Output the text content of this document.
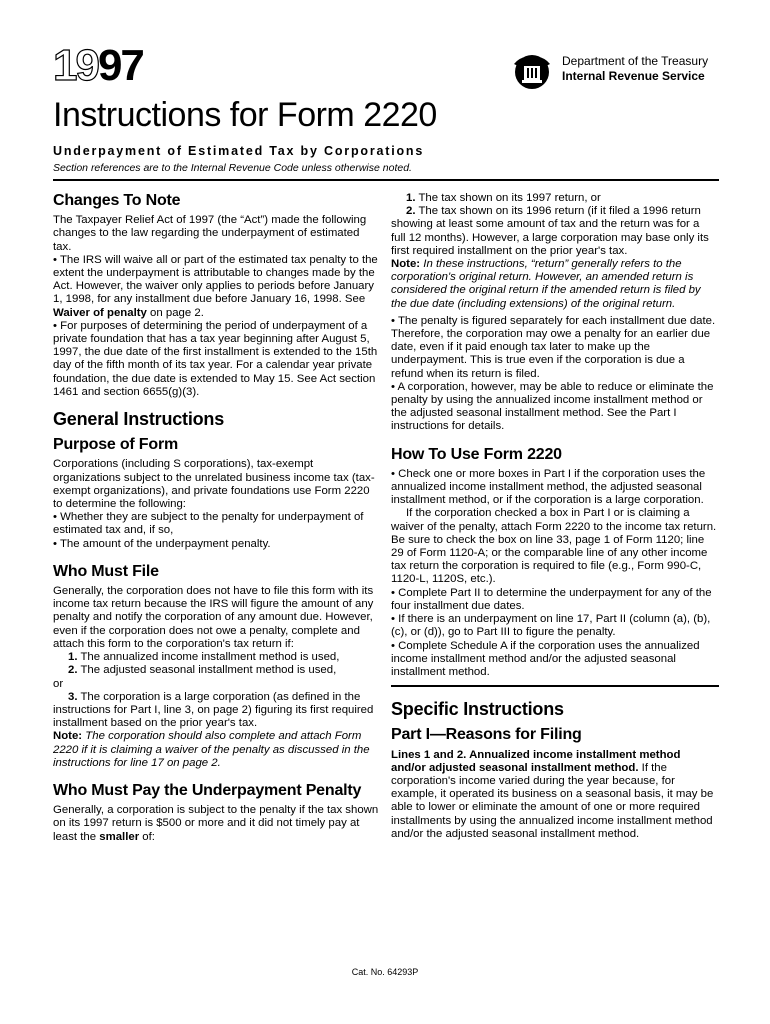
1997	Department of the Treasury
Internal Revenue Service
Instructions for Form 2220
Underpayment of Estimated Tax by Corporations
Section references are to the Internal Revenue Code unless otherwise noted.

Changes To Note

The Taxpayer Relief Act of 1997 (the “Act”) made the following changes to the law regarding the underpayment of estimated tax.

• The IRS will waive all or part of the estimated tax penalty to the extent the underpayment is attributable to changes made by the Act. However, the waiver only applies to periods before January 1, 1998, for any installment due before January 16, 1998. See Waiver of penalty on page 2.

• For purposes of determining the period of underpayment of a private foundation that has a tax year beginning after August 5, 1997, the due date of the first installment is extended to the 15th day of the fifth month of its tax year. For a calendar year private foundation, the due date is extended to May 15. See Act section 1461 and section 6655(g)(3).

General Instructions

Purpose of Form

Corporations (including S corporations), tax-exempt organizations subject to the unrelated business income tax (tax-exempt organizations), and private foundations use Form 2220 to determine the following:

• Whether they are subject to the penalty for underpayment of estimated tax and, if so,

• The amount of the underpayment penalty.

Who Must File

Generally, the corporation does not have to file this form with its income tax return because the IRS will figure the amount of any penalty and notify the corporation of any amount due. However, even if the corporation does not owe a penalty, complete and attach this form to the corporation's tax return if:

1. The annualized income installment method is used,

2. The adjusted seasonal installment method is used,

or

3. The corporation is a large corporation (as defined in the instructions for Part I, line 3, on page 2) figuring its first required installment based on the prior year's tax.

Note: The corporation should also complete and attach Form 2220 if it is claiming a waiver of the penalty as discussed in the instructions for line 17 on page 2.

Who Must Pay the Underpayment Penalty

Generally, a corporation is subject to the penalty if the tax shown on its 1997 return is $500 or more and it did not timely pay at least the smaller of:

1. The tax shown on its 1997 return, or

2. The tax shown on its 1996 return (if it filed a 1996 return showing at least some amount of tax and the return was for a full 12 months). However, a large corporation may base only its first required installment on the prior year's tax.

Note: In these instructions, “return” generally refers to the corporation's original return. However, an amended return is considered the original return if the amended return is filed by the due date (including extensions) of the original return.

• The penalty is figured separately for each installment due date. Therefore, the corporation may owe a penalty for an earlier due date, even if it paid enough tax later to make up the underpayment. This is true even if the corporation is due a refund when its return is filed.

• A corporation, however, may be able to reduce or eliminate the penalty by using the annualized income installment method or the adjusted seasonal installment method. See the Part I instructions for details.

How To Use Form 2220

• Check one or more boxes in Part I if the corporation uses the annualized income installment method, the adjusted seasonal installment method, or if the corporation is a large corporation.

If the corporation checked a box in Part I or is claiming a waiver of the penalty, attach Form 2220 to the income tax return. Be sure to check the box on line 33, page 1 of Form 1120; line 29 of Form 1120-A; or the comparable line of any other income tax return the corporation is required to file (e.g., Form 990-C, 1120-L, 1120S, etc.).

• Complete Part II to determine the underpayment for any of the four installment due dates.

• If there is an underpayment on line 17, Part II (column (a), (b), (c), or (d)), go to Part III to figure the penalty.

• Complete Schedule A if the corporation uses the annualized income installment method and/or the adjusted seasonal installment method.

Specific Instructions

Part I—Reasons for Filing

Lines 1 and 2. Annualized income installment method and/or adjusted seasonal installment method. If the corporation's income varied during the year because, for example, it operated its business on a seasonal basis, it may be able to lower or eliminate the amount of one or more required installments by using the annualized income installment method and/or the adjusted seasonal installment method.

Cat. No. 64293P
